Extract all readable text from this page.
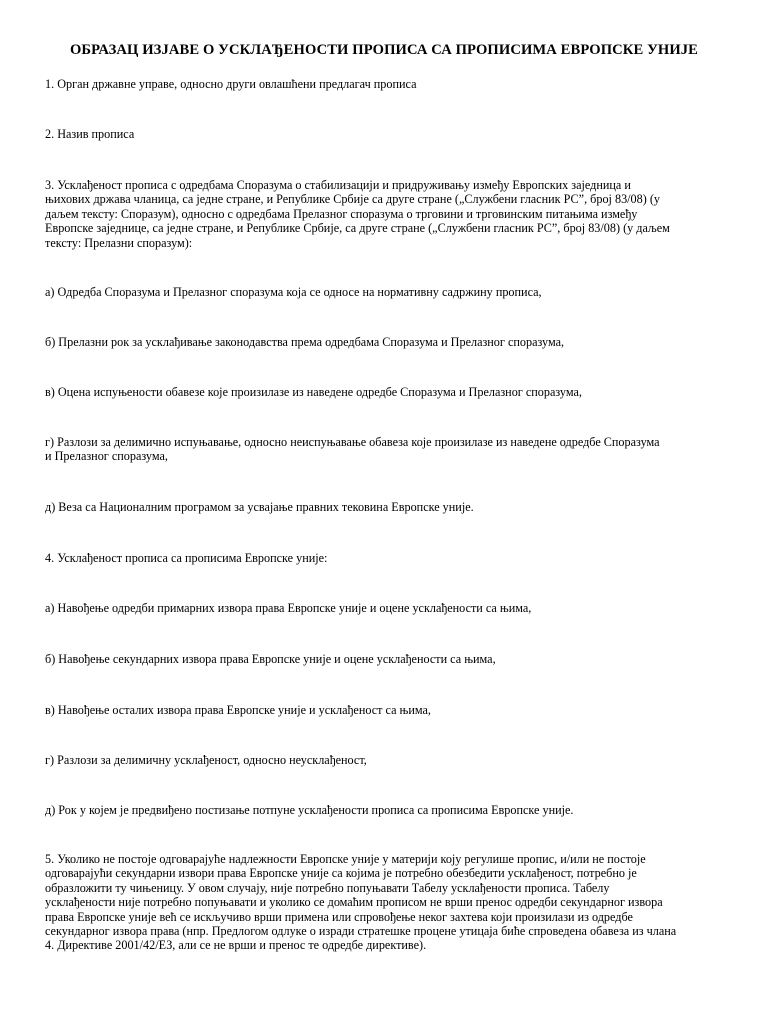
ОБРАЗАЦ ИЗЈАВЕ О УСКЛАЂЕНОСТИ ПРОПИСА СА ПРОПИСИМА ЕВРОПСКЕ УНИЈЕ

1. Орган државне управе, односно други овлашћени предлагач прописа

2. Назив прописа

3. Усклађеност прописа с одредбама Споразума о стабилизацији и придруживању између Европских заједница и
њихових држава чланица, са једне стране, и Републике Србије са друге стране („Службени гласник РС”, број 83/08) (у
даљем тексту: Споразум), односно с одредбама Прелазног споразума о трговини и трговинским питањима између
Европске заједнице, са једне стране, и Републике Србије, са друге стране („Службени гласник РС”, број 83/08) (у даљем
тексту: Прелазни споразум):

а) Одредба Споразума и Прелазног споразума која се односе на нормативну садржину прописа,

б) Прелазни рок за усклађивање законодавства према одредбама Споразума и Прелазног споразума,

в) Оцена испуњености обавезе које произилазе из наведене одредбе Споразума и Прелазног споразума,

г) Разлози за делимично испуњавање, односно неиспуњавање обавеза које произилазе из наведене одредбе Споразума
и Прелазног споразума,

д) Веза са Националним програмом за усвајање правних тековина Европске уније.

4. Усклађеност прописа са прописима Европске уније:

а) Навођење одредби примарних извора права Европске уније и оцене усклађености са њима,

б) Навођење секундарних извора права Европске уније и оцене усклађености са њима,

в) Навођење осталих извора права Европске уније и усклађеност са њима,

г) Разлози за делимичну усклађеност, односно неусклађеност,

д) Рок у којем је предвиђено постизање потпуне усклађености прописа са прописима Европске уније.

5. Уколико не постоје одговарајуће надлежности Европске уније у материји коју регулише пропис, и/или не постоје
одговарајући секундарни извори права Европске уније са којима је потребно обезбедити усклађеност, потребно је
образложити ту чињеницу. У овом случају, није потребно попуњавати Табелу усклађености прописа. Табелу
усклађености није потребно попуњавати и уколико се домаћим прописом не врши пренос одредби секундарног извора
права Европске уније већ се искључиво врши примена или спровођење неког захтева који произилази из одредбе
секундарног извора права (нпр. Предлогом одлуке о изради стратешке процене утицаја биће спроведена обавеза из члана
4. Директиве 2001/42/ЕЗ, али се не врши и пренос те одредбе директиве).
